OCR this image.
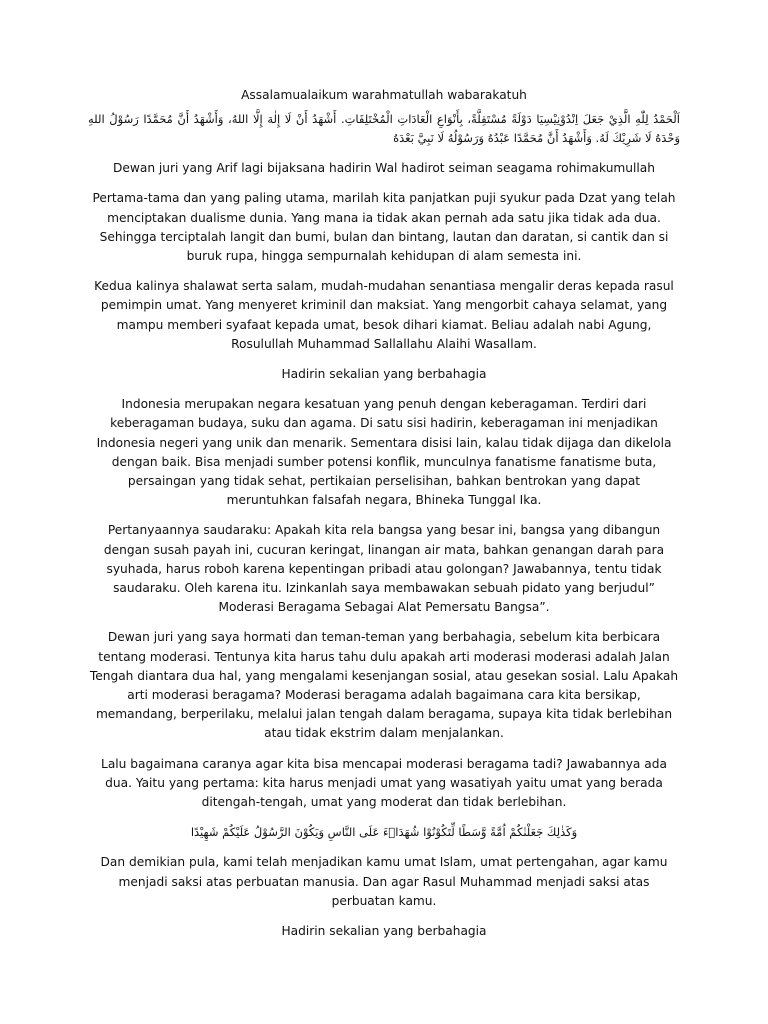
Assalamualaikum warahmatullah wabarakatuh

اَلْحَمْدُ لِلّٰهِ الَّذِيْ جَعَلَ اِنْدُوْنِيْسِيَا دَوْلَةً مُسْتَقِلَّةً، بِأَنْوَاعِ الْعَادَاتِ الْمُخْتَلِفَاتِ. أَشْهَدُ أَنْ لَا إِلٰهَ إِلَّا اللهُ، وَأَشْهَدُ أَنَّ مُحَمَّدًا رَسُوْلُ اللهِ وَحْدَهُ لَا شَرِيْكَ لَهُ. وَأَشْهَدُ أَنَّ مُحَمَّدًا عَبْدُهُ وَرَسُوْلُهُ لَا نَبِيَّ بَعْدَهُ

Dewan juri yang Arif lagi bijaksana hadirin Wal hadirot seiman seagama rohimakumullah

Pertama-tama dan yang paling utama, marilah kita panjatkan puji syukur pada Dzat yang telah menciptakan dualisme dunia. Yang mana ia tidak akan pernah ada satu jika tidak ada dua. Sehingga terciptalah langit dan bumi, bulan dan bintang, lautan dan daratan, si cantik dan si buruk rupa, hingga sempurnalah kehidupan di alam semesta ini.

Kedua kalinya shalawat serta salam, mudah-mudahan senantiasa mengalir deras kepada rasul pemimpin umat. Yang menyeret kriminil dan maksiat. Yang mengorbit cahaya selamat, yang mampu memberi syafaat kepada umat, besok dihari kiamat. Beliau adalah nabi Agung, Rosulullah Muhammad Sallallahu Alaihi Wasallam.

Hadirin sekalian yang berbahagia

Indonesia merupakan negara kesatuan yang penuh dengan keberagaman. Terdiri dari keberagaman budaya, suku dan agama. Di satu sisi hadirin, keberagaman ini menjadikan Indonesia negeri yang unik dan menarik. Sementara disisi lain, kalau tidak dijaga dan dikelola dengan baik. Bisa menjadi sumber potensi konflik, munculnya fanatisme fanatisme buta, persaingan yang tidak sehat, pertikaian perselisihan, bahkan bentrokan yang dapat meruntuhkan falsafah negara, Bhineka Tunggal Ika.

Pertanyaannya saudaraku: Apakah kita rela bangsa yang besar ini, bangsa yang dibangun dengan susah payah ini, cucuran keringat, linangan air mata, bahkan genangan darah para syuhada, harus roboh karena kepentingan pribadi atau golongan? Jawabannya, tentu tidak saudaraku. Oleh karena itu. Izinkanlah saya membawakan sebuah pidato yang berjudul” Moderasi Beragama Sebagai Alat Pemersatu Bangsa”.

Dewan juri yang saya hormati dan teman-teman yang berbahagia, sebelum kita berbicara tentang moderasi. Tentunya kita harus tahu dulu apakah arti moderasi moderasi adalah Jalan Tengah diantara dua hal, yang mengalami kesenjangan sosial, atau gesekan sosial. Lalu Apakah arti moderasi beragama? Moderasi beragama adalah bagaimana cara kita bersikap, memandang, berperilaku, melalui jalan tengah dalam beragama, supaya kita tidak berlebihan atau tidak ekstrim dalam menjalankan.

Lalu bagaimana caranya agar kita bisa mencapai moderasi beragama tadi? Jawabannya ada dua. Yaitu yang pertama: kita harus menjadi umat yang wasatiyah yaitu umat yang berada ditengah-tengah, umat yang moderat dan tidak berlebihan.

وَكَذٰلِكَ جَعَلْنٰكُمْ اُمَّةً وَّسَطًا لِّتَكُوْنُوْا شُهَدَاۤءَ عَلَى النَّاسِ وَيَكُوْنَ الرَّسُوْلُ عَلَيْكُمْ شَهِيْدًا

Dan demikian pula, kami telah menjadikan kamu umat Islam, umat pertengahan, agar kamu menjadi saksi atas perbuatan manusia. Dan agar Rasul Muhammad menjadi saksi atas perbuatan kamu.

Hadirin sekalian yang berbahagia
